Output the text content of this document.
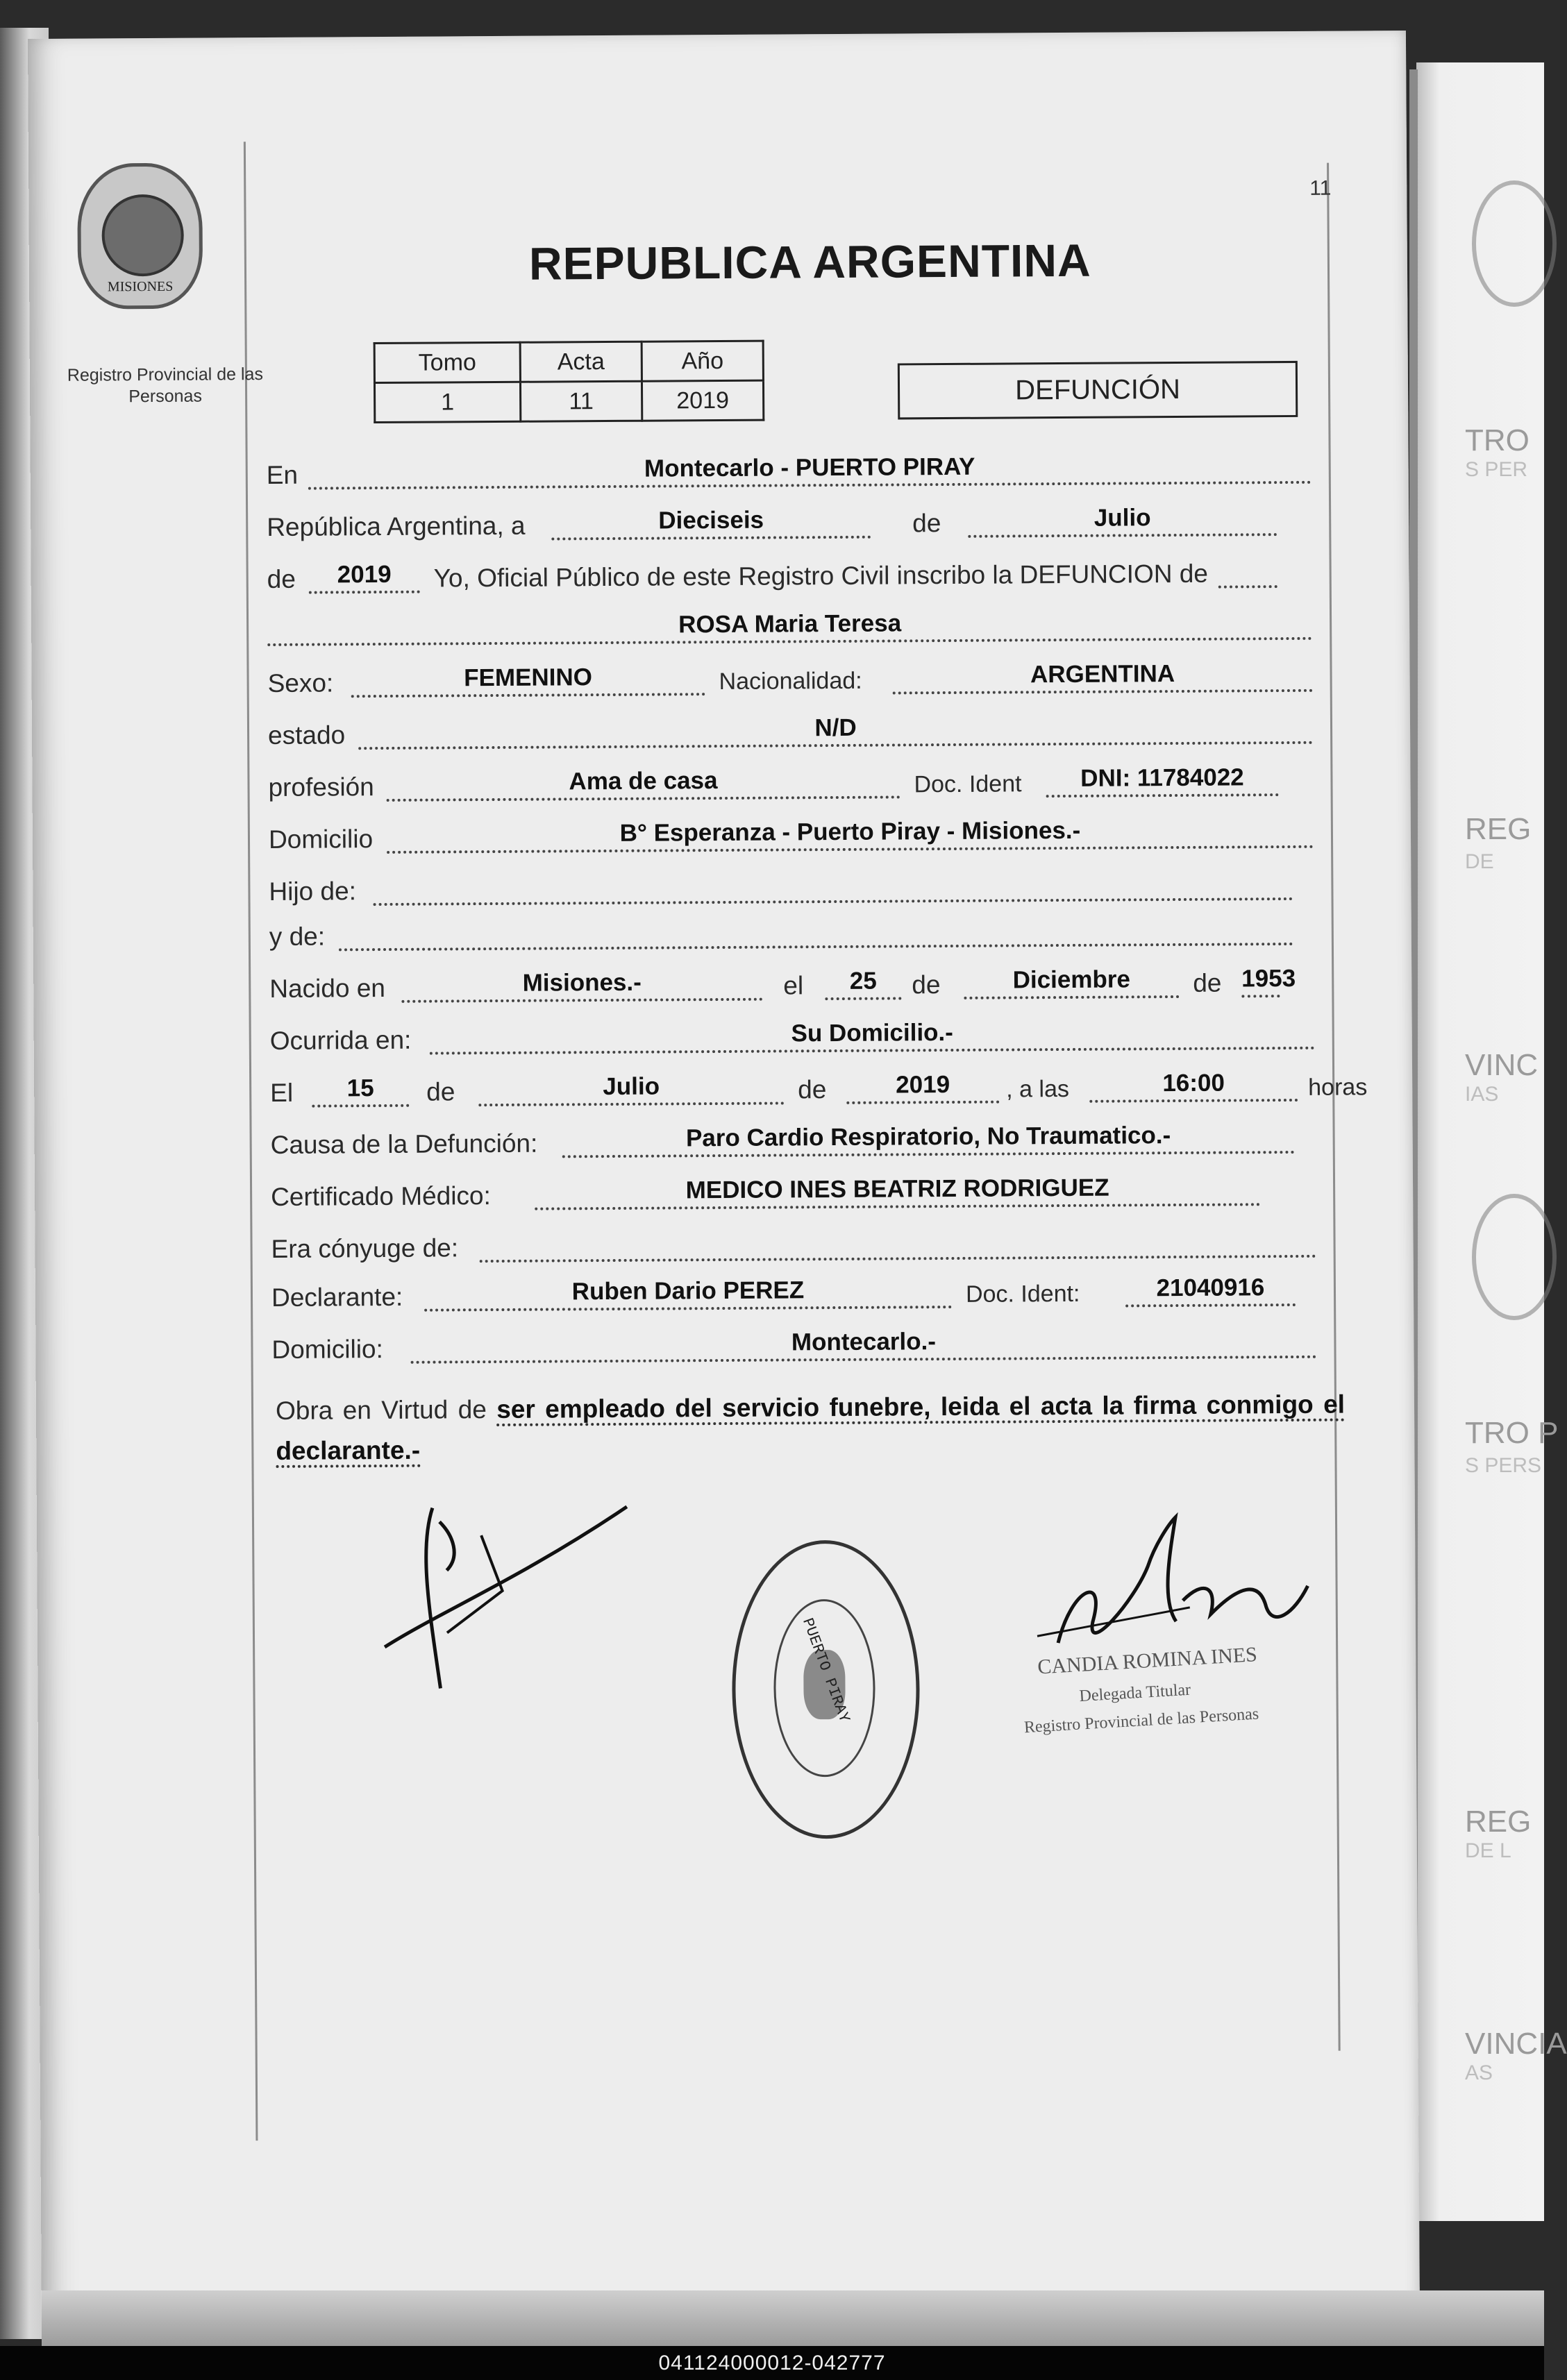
TRO
S PER
REG
DE
VINC
IAS
TRO P
S PERS
REG
DE L
VINCIA
AS
11
MISIONES
Registro Provincial de las Personas
REPUBLICA ARGENTINA
Tomo	Acta	Año
1	11	2019	DEFUNCIÓN
En	Montecarlo - PUERTO PIRAY
República Argentina, a	Dieciseis	de	Julio
de	2019	Yo, Oficial Público de este Registro Civil inscribo la DEFUNCION de
ROSA Maria Teresa
Sexo:	FEMENINO	Nacionalidad:	ARGENTINA
estado	N/D
profesión	Ama de casa	Doc. Ident	DNI: 11784022
Domicilio	B° Esperanza - Puerto Piray - Misiones.-
Hijo de:
y de:
Nacido en	Misiones.-	el	25	de	Diciembre	de 1953
Ocurrida en:	Su Domicilio.-
El	15	de	Julio	de	2019	, a las	16:00	horas
Causa de la Defunción:	Paro Cardio Respiratorio, No Traumatico.-
Certificado Médico:	MEDICO INES BEATRIZ RODRIGUEZ
Era cónyuge de:
Declarante:	Ruben Dario PEREZ	Doc. Ident:	21040916
Domicilio:	Montecarlo.-
Obra en Virtud de ser empleado del servicio funebre, leida el acta la firma conmigo el declarante.-
PUERTO PIRAY	CANDIA ROMINA INES
Delegada Titular
Registro Provincial de las Personas
041124000012-042777
